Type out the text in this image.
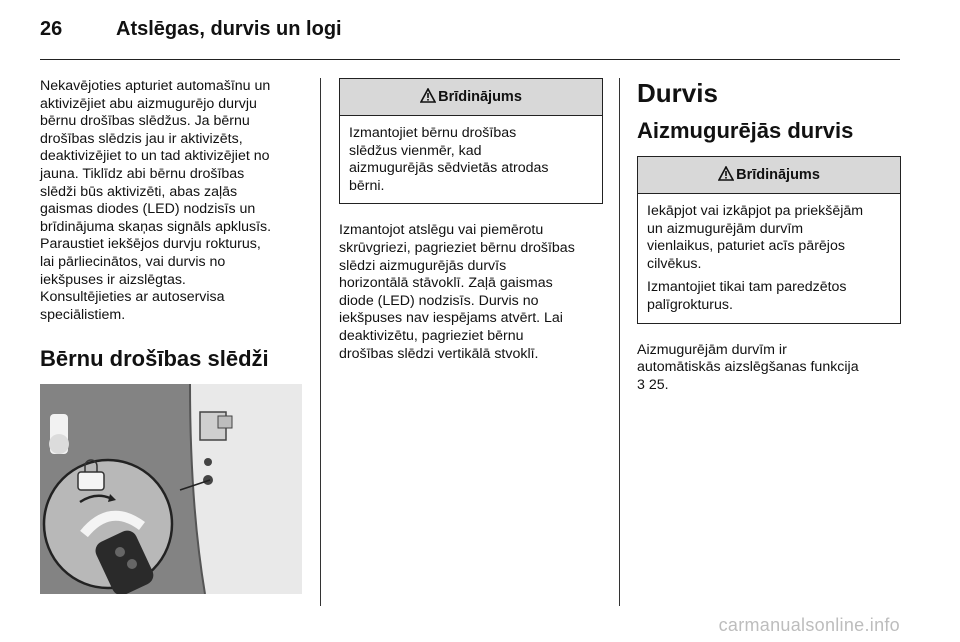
26	Atslēgas, durvis un logi

Nekavējoties apturiet automašīnu un
aktivizējiet abu aizmugurējo durvju
bērnu drošības slēdžus. Ja bērnu
drošības slēdzis jau ir aktivizēts,
deaktivizējiet to un tad aktivizējiet no
jauna. Tiklīdz abi bērnu drošības
slēdži būs aktivizēti, abas zaļās
gaismas diodes (LED) nodzisīs un
brīdinājuma skaņas signāls apklusīs.
Paraustiet iekšējos durvju rokturus,
lai pārliecinātos, vai durvis no
iekšpuses ir aizslēgtas.
Konsultējieties ar autoservisa
speciālistiem.

Bērnu drošības slēdži
Brīdinājums

Izmantojiet bērnu drošības
slēdžus vienmēr, kad
aizmugurējās sēdvietās atrodas
bērni.

Izmantojot atslēgu vai piemērotu
skrūvgriezi, pagrieziet bērnu drošības
slēdzi aizmugurējās durvīs
horizontālā stāvoklī. Zaļā gaismas
diode (LED) nodzisīs. Durvis no
iekšpuses nav iespējams atvērt. Lai
deaktivizētu, pagrieziet bērnu
drošības slēdzi vertikālā stvoklī.

Durvis
Aizmugurējās durvis
Brīdinājums

Iekāpjot vai izkāpjot pa priekšējām
un aizmugurējām durvīm
vienlaikus, paturiet acīs pārējos
cilvēkus.

Izmantojiet tikai tam paredzētos
palīgrokturus.

Aizmugurējām durvīm ir
automātiskās aizslēgšanas funkcija
3 25.

carmanualsonline.info
